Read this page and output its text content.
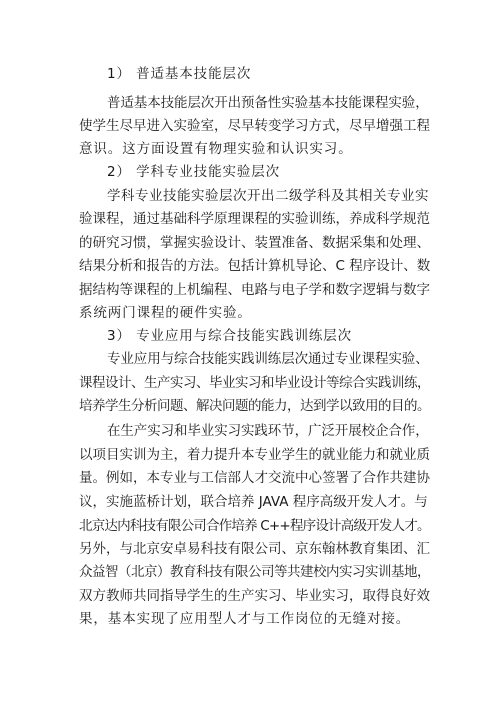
1） 普适基本技能层次
普适基本技能层次开出预备性实验基本技能课程实验，
使学生尽早进入实验室，尽早转变学习方式，尽早增强工程
意识。这方面设置有物理实验和认识实习。
2） 学科专业技能实验层次
学科专业技能实验层次开出二级学科及其相关专业实
验课程，通过基础科学原理课程的实验训练，养成科学规范
的研究习惯，掌握实验设计、装置准备、数据采集和处理、
结果分析和报告的方法。包括计算机导论、C 程序设计、数
据结构等课程的上机编程、电路与电子学和数字逻辑与数字
系统两门课程的硬件实验。
3） 专业应用与综合技能实践训练层次
专业应用与综合技能实践训练层次通过专业课程实验、
课程设计、生产实习、毕业实习和毕业设计等综合实践训练，
培养学生分析问题、解决问题的能力，达到学以致用的目的。
在生产实习和毕业实习实践环节，广泛开展校企合作，
以项目实训为主，着力提升本专业学生的就业能力和就业质
量。例如，本专业与工信部人才交流中心签署了合作共建协
议，实施蓝桥计划，联合培养 JAVA 程序高级开发人才。与
北京达内科技有限公司合作培养 C++程序设计高级开发人才。
另外，与北京安卓易科技有限公司、京东翰林教育集团、汇
众益智（北京）教育科技有限公司等共建校内实习实训基地，
双方教师共同指导学生的生产实习、毕业实习，取得良好效
果，基本实现了应用型人才与工作岗位的无缝对接。
